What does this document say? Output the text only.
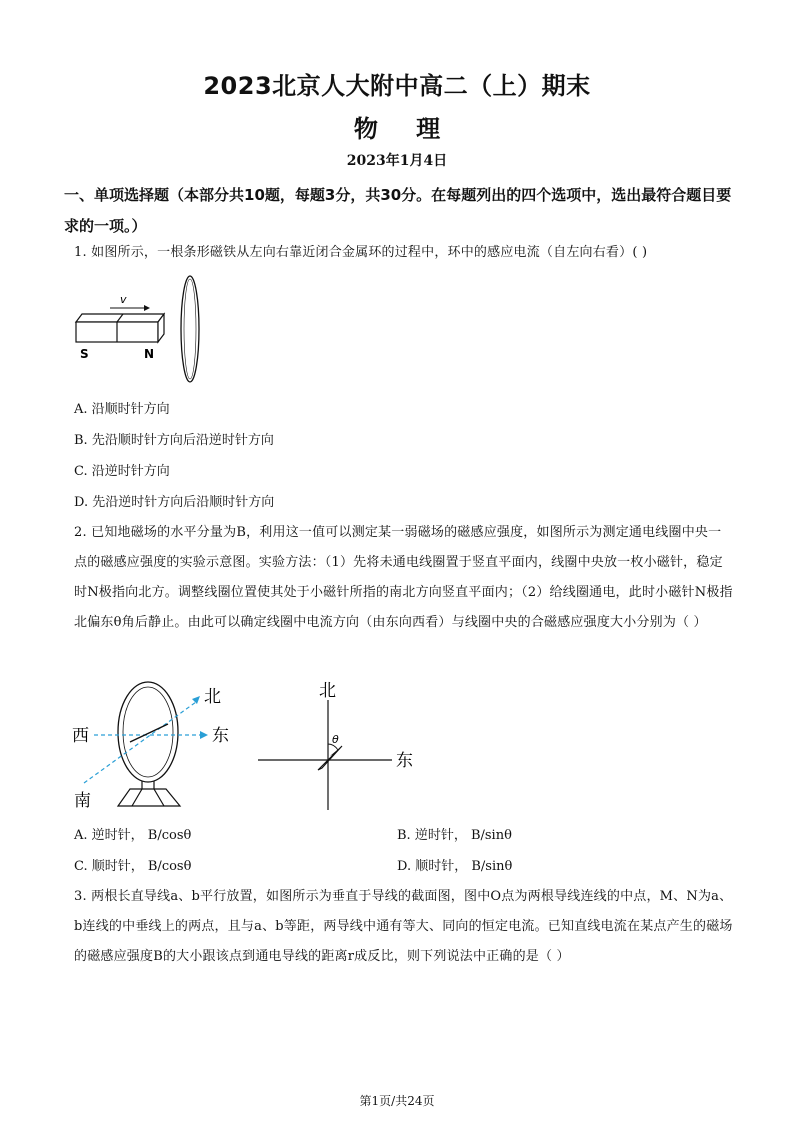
2023北京人大附中高二（上）期末
物 理
2023年1月4日
一、单项选择题（本部分共10题，每题3分，共30分。在每题列出的四个选项中，选出最符合题目要求的一项。）
1. 如图所示，一根条形磁铁从左向右靠近闭合金属环的过程中，环中的感应电流（自左向右看）( )
v
S	N
A. 沿顺时针方向
B. 先沿顺时针方向后沿逆时针方向
C. 沿逆时针方向
D. 先沿逆时针方向后沿顺时针方向
2. 已知地磁场的水平分量为B，利用这一值可以测定某一弱磁场的磁感应强度，如图所示为测定通电线圈中央一点的磁感应强度的实验示意图。实验方法：（1）先将未通电线圈置于竖直平面内，线圈中央放一枚小磁针，稳定时N极指向北方。调整线圈位置使其处于小磁针所指的南北方向竖直平面内；（2）给线圈通电，此时小磁针N极指北偏东θ角后静止。由此可以确定线圈中电流方向（由东向西看）与线圈中央的合磁感应强度大小分别为（ ）
北
西	东
南
θ
北
东
A. 逆时针， B/cosθ	B. 逆时针， B/sinθ
C. 顺时针， B/cosθ	D. 顺时针， B/sinθ
3. 两根长直导线a、b平行放置，如图所示为垂直于导线的截面图，图中O点为两根导线连线的中点，M、N为a、b连线的中垂线上的两点，且与a、b等距，两导线中通有等大、同向的恒定电流。已知直线电流在某点产生的磁场的磁感应强度B的大小跟该点到通电导线的距离r成反比，则下列说法中正确的是（ ）
第1页/共24页
